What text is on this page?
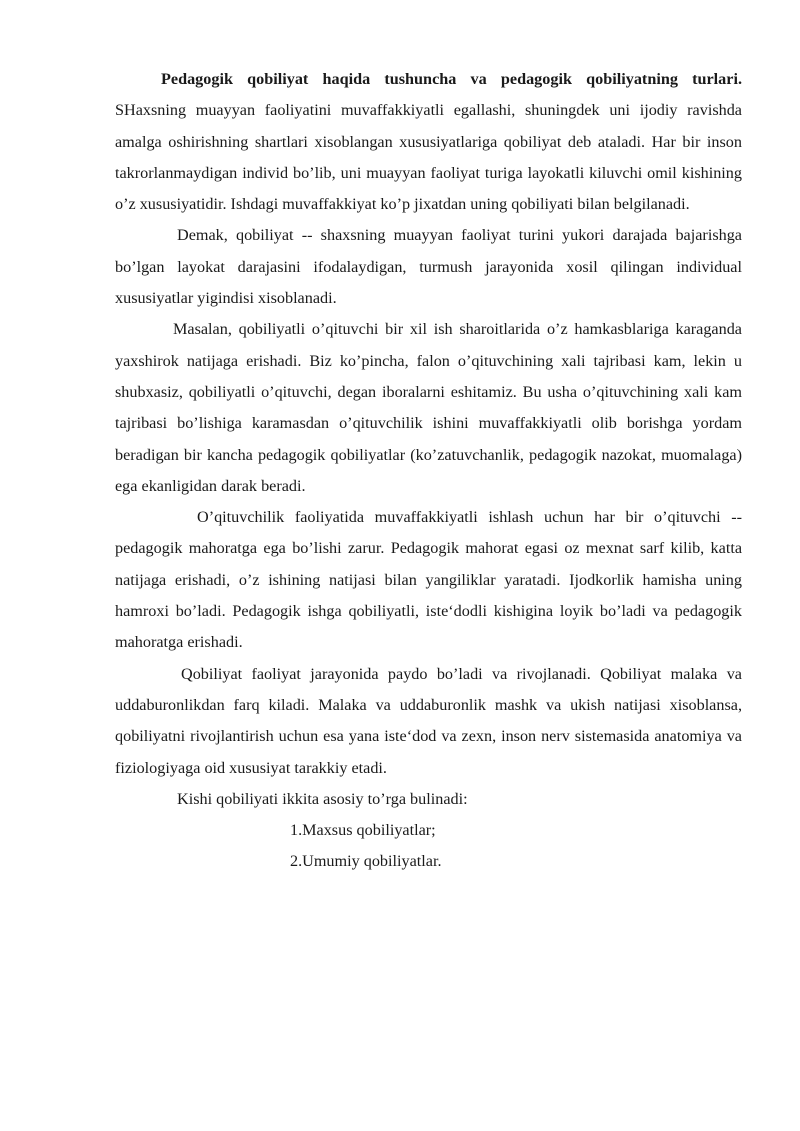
Pedagogik qobiliyat haqida tushuncha va pedagogik qobiliyatning turlari. SHaxsning muayyan faoliyatini muvaffakkiyatli egallashi, shuningdek uni ijodiy ravishda amalga oshirishning shartlari xisoblangan xususiyatlariga qobiliyat deb ataladi. Har bir inson takrorlanmaydigan individ bo’lib, uni muayyan faoliyat turiga layokatli kiluvchi omil kishining o’z xususiyatidir. Ishdagi muvaffakkiyat ko’p jixatdan uning qobiliyati bilan belgilanadi.

Demak, qobiliyat -- shaxsning muayyan faoliyat turini yukori darajada bajarishga bo’lgan layokat darajasini ifodalaydigan, turmush jarayonida xosil qilingan individual xususiyatlar yigindisi xisoblanadi.

Masalan, qobiliyatli o’qituvchi bir xil ish sharoitlarida o’z hamkasblariga karaganda yaxshirok natijaga erishadi. Biz ko’pincha, falon o’qituvchining xali tajribasi kam, lekin u shubxasiz, qobiliyatli o’qituvchi, degan iboralarni eshitamiz. Bu usha o’qituvchining xali kam tajribasi bo’lishiga karamasdan o’qituvchilik ishini muvaffakkiyatli olib borishga yordam beradigan bir kancha pedagogik qobiliyatlar (ko’zatuvchanlik, pedagogik nazokat, muomalaga) ega ekanligidan darak beradi.

O’qituvchilik faoliyatida muvaffakkiyatli ishlash uchun har bir o’qituvchi -- pedagogik mahoratga ega bo’lishi zarur. Pedagogik mahorat egasi oz mexnat sarf kilib, katta natijaga erishadi, o’z ishining natijasi bilan yangiliklar yaratadi. Ijodkorlik hamisha uning hamroxi bo’ladi. Pedagogik ishga qobiliyatli, iste‘dodli kishigina loyik bo’ladi va pedagogik mahoratga erishadi.

Qobiliyat faoliyat jarayonida paydo bo’ladi va rivojlanadi. Qobiliyat malaka va uddaburonlikdan farq kiladi. Malaka va uddaburonlik mashk va ukish natijasi xisoblansa, qobiliyatni rivojlantirish uchun esa yana iste‘dod va zexn, inson nerv sistemasida anatomiya va fiziologiyaga oid xususiyat tarakkiy etadi.

Kishi qobiliyati ikkita asosiy to’rga bulinadi:

1.Maxsus qobiliyatlar;

2.Umumiy qobiliyatlar.
